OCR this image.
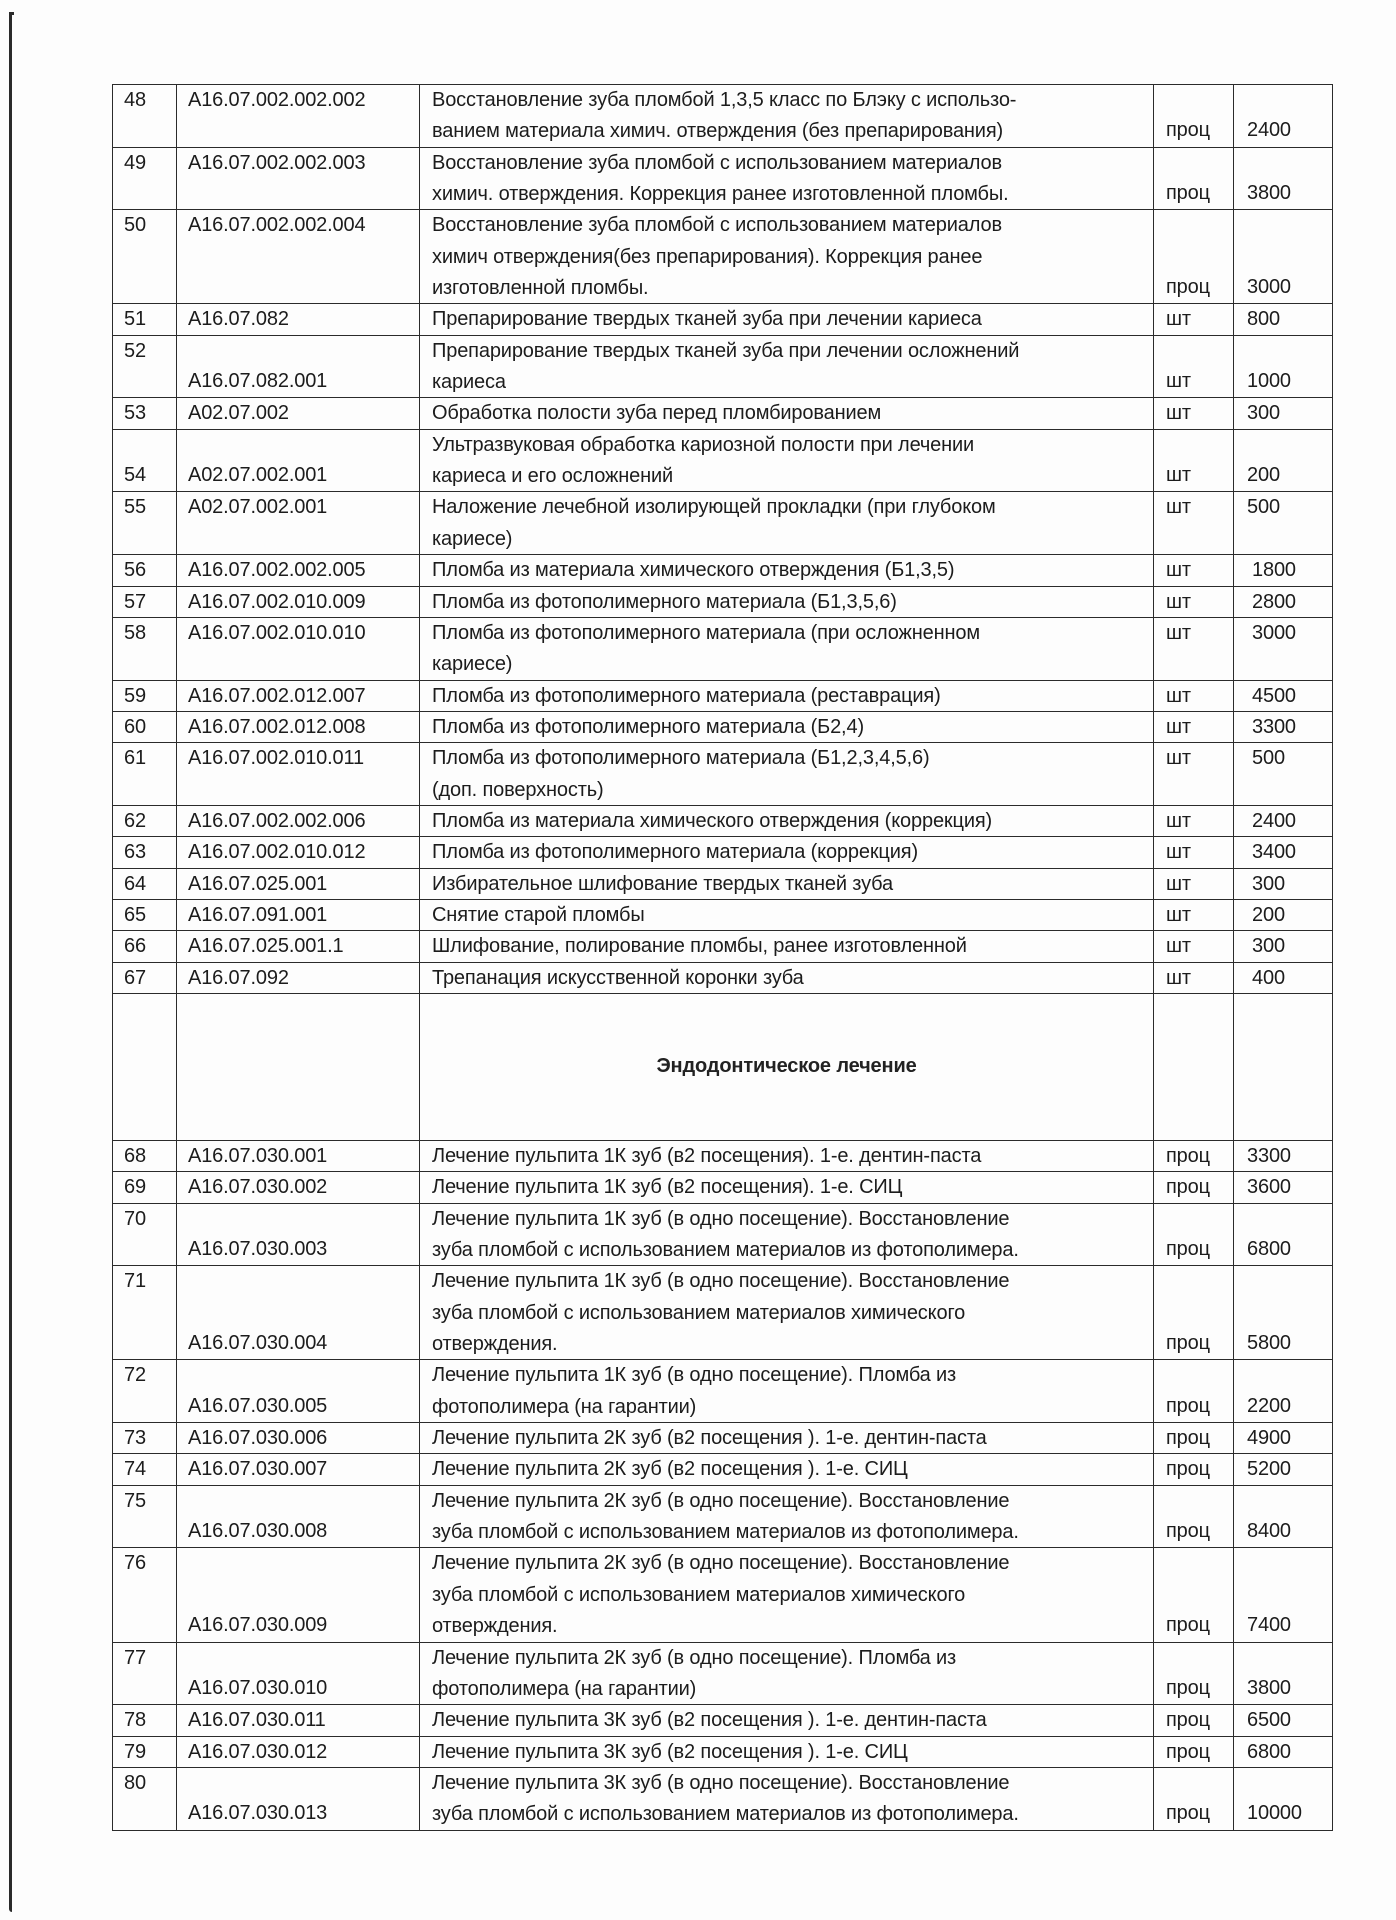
48	A16.07.002.002.002	Восстановление зуба пломбой 1,3,5 класс по Блэку с использо-
ванием материала химич. отверждения (без препарирования)	проц	2400

49	A16.07.002.002.003	Восстановление зуба пломбой с использованием материалов
химич. отверждения. Коррекция ранее изготовленной пломбы.	проц	3800

50	A16.07.002.002.004	Восстановление зуба пломбой с использованием материалов
химич отверждения(без препарирования). Коррекция ранее
изготовленной пломбы.	проц	3000

51	A16.07.082	Препарирование твердых тканей зуба при лечении кариеса	шт	800

52	A16.07.082.001	Препарирование твердых тканей зуба при лечении осложнений
кариеса	шт	1000

53	A02.07.002	Обработка полости зуба перед пломбированием	шт	300

54	A02.07.002.001	Ультразвуковая обработка кариозной полости при лечении
кариеса и его осложнений	шт	200

55	A02.07.002.001	Наложение лечебной изолирующей прокладки (при глубоком
кариесе)	шт	500

56	A16.07.002.002.005	Пломба из материала химического отверждения (Б1,3,5)	шт	1800

57	A16.07.002.010.009	Пломба из фотополимерного материала (Б1,3,5,6)	шт	2800

58	A16.07.002.010.010	Пломба из фотополимерного материала (при осложненном
кариесе)	шт	3000

59	A16.07.002.012.007	Пломба из фотополимерного материала (реставрация)	шт	4500

60	A16.07.002.012.008	Пломба из фотополимерного материала (Б2,4)	шт	3300

61	A16.07.002.010.011	Пломба из фотополимерного материала (Б1,2,3,4,5,6)
(доп. поверхность)	шт	500

62	A16.07.002.002.006	Пломба из материала химического отверждения (коррекция)	шт	2400

63	A16.07.002.010.012	Пломба из фотополимерного материала (коррекция)	шт	3400

64	A16.07.025.001	Избирательное шлифование твердых тканей зуба	шт	300

65	A16.07.091.001	Снятие старой пломбы	шт	200

66	A16.07.025.001.1	Шлифование, полирование пломбы, ранее изготовленной	шт	300

67	A16.07.092	Трепанация искусственной коронки зуба	шт	400

		Эндодонтическое лечение		

68	A16.07.030.001	Лечение пульпита 1К зуб (в2 посещения). 1-е. дентин-паста	проц	3300

69	A16.07.030.002	Лечение пульпита 1К зуб (в2 посещения). 1-е. СИЦ	проц	3600

70	A16.07.030.003	Лечение пульпита 1К зуб (в одно посещение). Восстановление
зуба пломбой с использованием материалов из фотополимера.	проц	6800

71	A16.07.030.004	Лечение пульпита 1К зуб (в одно посещение). Восстановление
зуба пломбой с использованием материалов химического
отверждения.	проц	5800

72	A16.07.030.005	Лечение пульпита 1К зуб (в одно посещение). Пломба из
фотополимера (на гарантии)	проц	2200

73	A16.07.030.006	Лечение пульпита 2К зуб (в2 посещения ). 1-е. дентин-паста	проц	4900

74	A16.07.030.007	Лечение пульпита 2К зуб (в2 посещения ). 1-е. СИЦ	проц	5200

75	A16.07.030.008	Лечение пульпита 2К зуб (в одно посещение). Восстановление
зуба пломбой с использованием материалов из фотополимера.	проц	8400

76	A16.07.030.009	Лечение пульпита 2К зуб (в одно посещение). Восстановление
зуба пломбой с использованием материалов химического
отверждения.	проц	7400

77	A16.07.030.010	Лечение пульпита 2К зуб (в одно посещение). Пломба из
фотополимера (на гарантии)	проц	3800

78	A16.07.030.011	Лечение пульпита 3К зуб (в2 посещения ). 1-е. дентин-паста	проц	6500

79	A16.07.030.012	Лечение пульпита 3К зуб (в2 посещения ). 1-е. СИЦ	проц	6800

80	A16.07.030.013	Лечение пульпита 3К зуб (в одно посещение). Восстановление
зуба пломбой с использованием материалов из фотополимера.	проц	10000
